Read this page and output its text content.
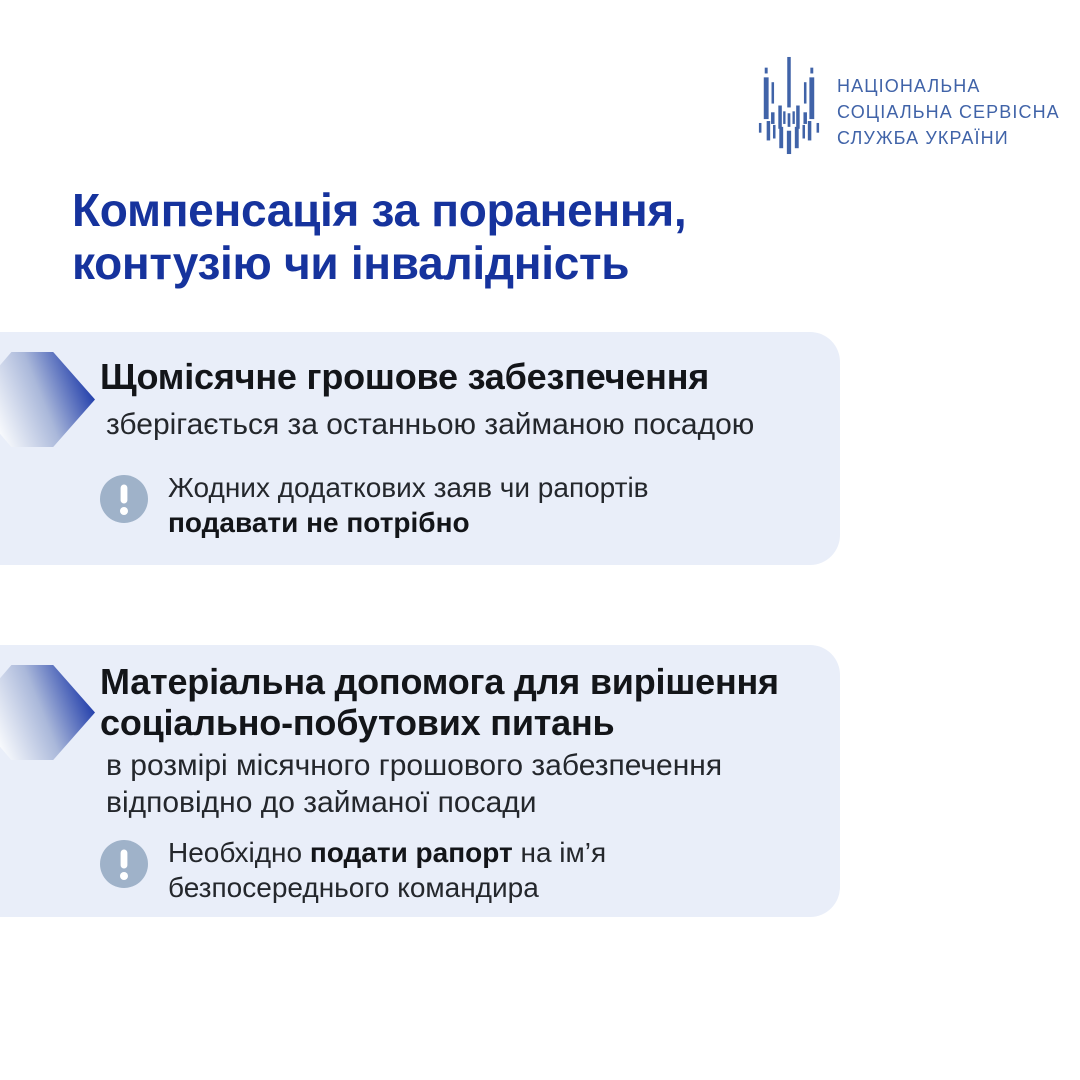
НАЦІОНАЛЬНА
СОЦІАЛЬНА СЕРВІСНА
СЛУЖБА УКРАЇНИ
Компенсація за поранення,
контузію чи інвалідність
Щомісячне грошове забезпечення

зберігається за останньою займаною посадою

Жодних додаткових заяв чи рапортів подавати не потрібно

Матеріальна допомога для вирішення соціально-побутових питань

в розмірі місячного грошового забезпечення відповідно до займаної посади

Необхідно подати рапорт на ім’я безпосереднього командира
